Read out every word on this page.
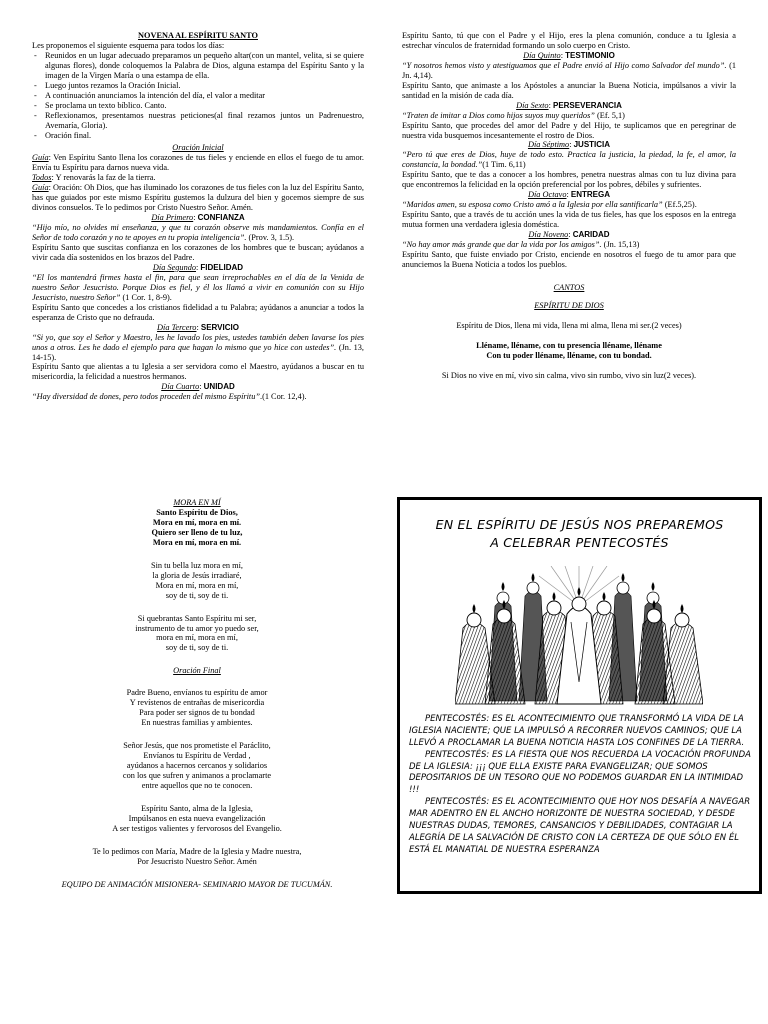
NOVENA AL ESPÍRITU SANTO

Les proponemos el siguiente esquema para todos los días:

- Reunidos en un lugar adecuado preparamos un pequeño altar(con un mantel, velita, si se quiere algunas flores), donde coloquemos la Palabra de Dios, alguna estampa del Espíritu Santo y la imagen de la Virgen María o una estampa de ella.
- Luego juntos rezamos la Oración Inicial.
- A continuación anunciamos la intención del día, el valor a meditar
- Se proclama un texto bíblico. Canto.
- Reflexionamos, presentamos nuestras peticiones(al final rezamos juntos un Padrenuestro, Avemaría, Gloria).
- Oración final.

Oración Inicial

Guía: Ven Espíritu Santo llena los corazones de tus fieles y enciende en ellos el fuego de tu amor. Envía tu Espíritu para darnos nueva vida.

Todos: Y renovarás la faz de la tierra.

Guía: Oración: Oh Dios, que has iluminado los corazones de tus fieles con la luz del Espíritu Santo, has que guiados por este mismo Espíritu gustemos la dulzura del bien y gocemos siempre de sus divinos consuelos. Te lo pedimos por Cristo Nuestro Señor. Amén.

Día Primero: CONFIANZA

“Hijo mío, no olvides mi enseñanza, y que tu corazón observe mis mandamientos. Confía en el Señor de todo corazón y no te apoyes en tu propia inteligencia”. (Prov. 3, 1.5).

Espíritu Santo que suscitas confianza en los corazones de los hombres que te buscan; ayúdanos a vivir cada día sostenidos en los brazos del Padre.

Día Segundo: FIDELIDAD

“El los mantendrá firmes hasta el fin, para que sean irreprochables en el día de la Venida de nuestro Señor Jesucristo. Porque Dios es fiel, y él los llamó a vivir en comunión con su Hijo Jesucristo, nuestro Señor” (1 Cor. 1, 8-9).

Espíritu Santo que concedes a los cristianos fidelidad a tu Palabra; ayúdanos a anunciar a todos la esperanza de Cristo que no defrauda.

Día Tercero: SERVICIO

“Si yo, que soy el Señor y Maestro, les he lavado los pies, ustedes también deben lavarse los pies unos a otros. Les he dado el ejemplo para que hagan lo mismo que yo hice con ustedes”. (Jn. 13, 14-15).

Espíritu Santo que alientas a tu Iglesia a ser servidora como el Maestro, ayúdanos a buscar en tu misericordia, la felicidad a nuestros hermanos.

Día Cuarto: UNIDAD

“Hay diversidad de dones, pero todos proceden del mismo Espíritu”.(1 Cor. 12,4).

Espíritu Santo, tú que con el Padre y el Hijo, eres la plena comunión, conduce a tu Iglesia a estrechar vínculos de fraternidad formando un solo cuerpo en Cristo.

Día Quinto: TESTIMONIO

“Y nosotros hemos visto y atestiguamos que el Padre envió al Hijo como Salvador del mundo”. (1 Jn. 4,14).

Espíritu Santo, que animaste a los Apóstoles a anunciar la Buena Noticia, impúlsanos a vivir la santidad en la misión de cada día.

Día Sexto: PERSEVERANCIA

“Traten de imitar a Dios como hijos suyos muy queridos” (Ef. 5,1)

Espíritu Santo, que procedes del amor del Padre y del Hijo, te suplicamos que en peregrinar de nuestra vida busquemos incesantemente el rostro de Dios.

Día Séptimo: JUSTICIA

“Pero tú que eres de Dios, huye de todo esto. Practica la justicia, la piedad, la fe, el amor, la constancia, la bondad.”(1 Tim. 6,11)

Espíritu Santo, que te das a conocer a los hombres, penetra nuestras almas con tu luz divina para que encontremos la felicidad en la opción preferencial por los pobres, débiles y sufrientes.

Día Octavo: ENTREGA

“Maridos amen, su esposa como Cristo amó a la Iglesia por ella santificarla” (Ef.5,25).

Espíritu Santo, que a través de tu acción unes la vida de tus fieles, has que los esposos en la entrega mutua formen una verdadera iglesia doméstica.

Día Noveno: CARIDAD

“No hay amor más grande que dar la vida por los amigos”. (Jn. 15,13)

Espíritu Santo, que fuiste enviado por Cristo, enciende en nosotros el fuego de tu amor para que anunciemos la Buena Noticia a todos los pueblos.

CANTOS

ESPÍRITU DE DIOS

Espíritu de Dios, llena mi vida, llena mi alma, llena mi ser.(2 veces)

Lléname, lléname, con tu presencia lléname, lléname

Con tu poder lléname, lléname, con tu bondad.

Si Dios no vive en mí, vivo sin calma, vivo sin rumbo, vivo sin luz(2 veces).

MORA EN MÍ

Santo Espíritu de Dios,

Mora en mí, mora en mí.

Quiero ser lleno de tu luz,

Mora en mí, mora en mí.

Sin tu bella luz mora en mí,

la gloria de Jesús irradiaré,

Mora en mí, mora en mí,

soy de ti, soy de ti.

Si quebrantas Santo Espíritu mi ser,

instrumento de tu amor yo puedo ser,

mora en mí, mora en mí,

soy de ti, soy de ti.

Oración Final

Padre Bueno, envíanos tu espíritu de amor

Y revístenos de entrañas de misericordia

Para poder ser signos de tu bondad

En nuestras familias y ambientes.

Señor Jesús, que nos prometiste el Paráclito,

Envíanos tu Espíritu de Verdad ,

ayúdanos a hacernos cercanos y solidarios

con los que sufren y animanos a proclamarte

entre aquellos que no te conocen.

Espíritu Santo, alma de la Iglesia,

Impúlsanos en esta nueva evangelización

A ser testigos valientes y fervorosos del Evangelio.

Te lo pedimos con María, Madre de la Iglesia y Madre nuestra,

Por Jesucristo Nuestro Señor. Amén

EQUIPO DE ANIMACIÓN MISIONERA- SEMINARIO MAYOR DE TUCUMÁN.

EN EL ESPÍRITU DE JESÚS NOS PREPAREMOS
A CELEBRAR PENTECOSTÉS

PENTECOSTÉS: ES EL ACONTECIMIENTO QUE TRANSFORMÓ LA VIDA DE LA IGLESIA NACIENTE; QUE LA IMPULSÓ A RECORRER NUEVOS CAMINOS; QUE LA LLEVÓ A PROCLAMAR LA BUENA NOTICIA HASTA LOS CONFINES DE LA TIERRA.

PENTECOSTÉS: ES LA FIESTA QUE NOS RECUERDA LA VOCACIÓN PROFUNDA DE LA IGLESIA: ¡¡¡ QUE ELLA EXISTE PARA EVANGELIZAR; QUE SOMOS DEPOSITARIOS DE UN TESORO QUE NO PODEMOS GUARDAR EN LA INTIMIDAD !!!

PENTECOSTÉS: ES EL ACONTECIMIENTO QUE HOY NOS DESAFÍA A NAVEGAR MAR ADENTRO EN EL ANCHO HORIZONTE DE NUESTRA SOCIEDAD, Y DESDE NUESTRAS DUDAS, TEMORES, CANSANCIOS Y DEBILIDADES, CONTAGIAR LA ALEGRÍA DE LA SALVACIÓN DE CRISTO CON LA CERTEZA DE QUE SÓLO EN ÉL ESTÁ EL MANATIAL DE NUESTRA ESPERANZA
